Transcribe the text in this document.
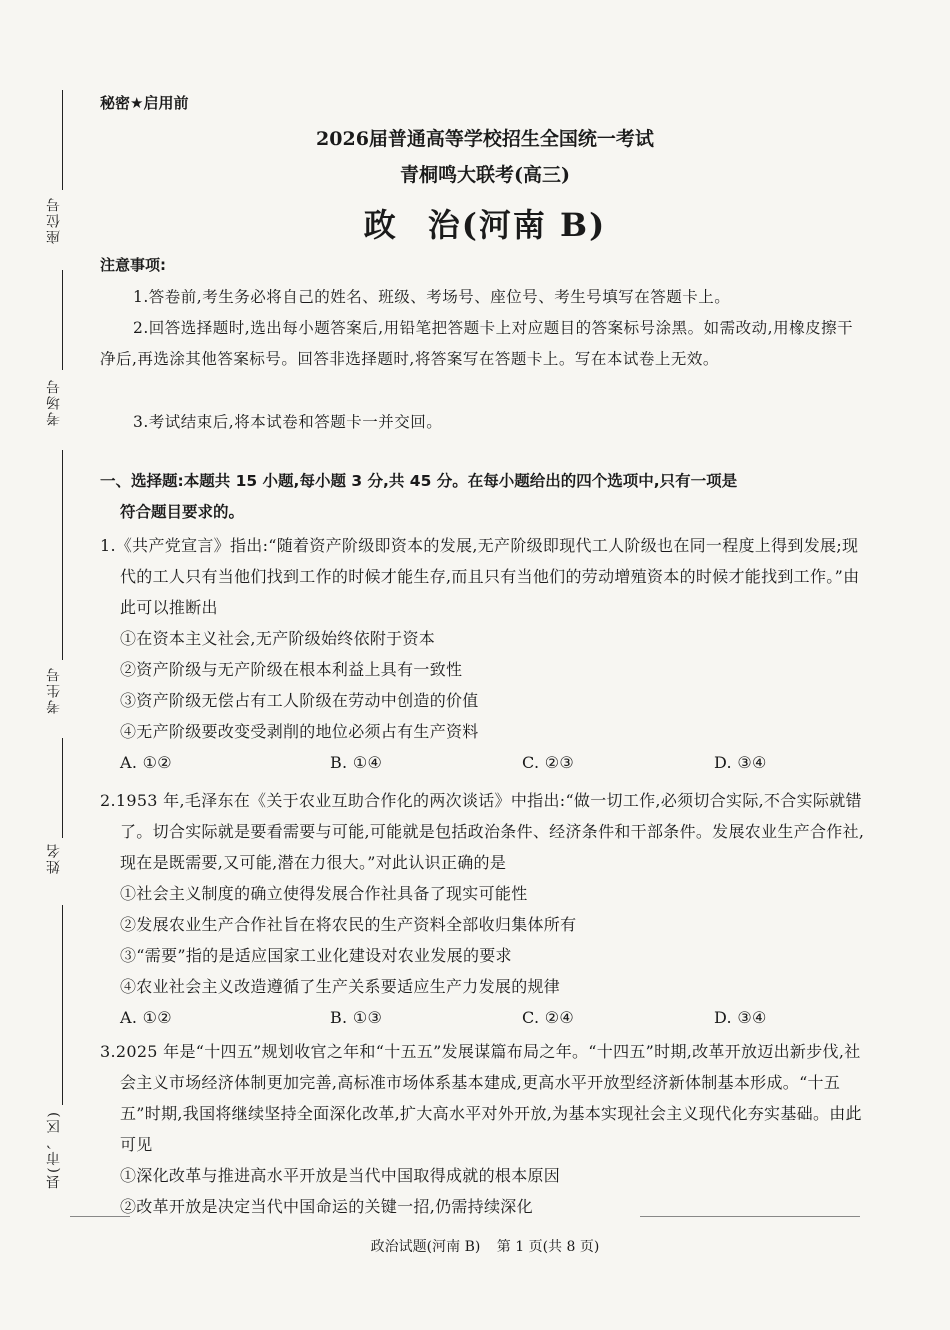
座位号
考场号
考生号
姓名
县(市、区)
秘密★启用前
2026届普通高等学校招生全国统一考试
青桐鸣大联考(高三)
政 治(河南 B)
注意事项:
1.答卷前,考生务必将自己的姓名、班级、考场号、座位号、考生号填写在答题卡上。
2.回答选择题时,选出每小题答案后,用铅笔把答题卡上对应题目的答案标号涂黑。如需改动,用橡皮擦干净后,再选涂其他答案标号。回答非选择题时,将答案写在答题卡上。写在本试卷上无效。
3.考试结束后,将本试卷和答题卡一并交回。
一、选择题:本题共 15 小题,每小题 3 分,共 45 分。在每小题给出的四个选项中,只有一项是
符合题目要求的。
1.《共产党宣言》指出:“随着资产阶级即资本的发展,无产阶级即现代工人阶级也在同一程度上得到发展;现代的工人只有当他们找到工作的时候才能生存,而且只有当他们的劳动增殖资本的时候才能找到工作。”由此可以推断出
①在资本主义社会,无产阶级始终依附于资本
②资产阶级与无产阶级在根本利益上具有一致性
③资产阶级无偿占有工人阶级在劳动中创造的价值
④无产阶级要改变受剥削的地位必须占有生产资料
A. ①②	B. ①④	C. ②③	D. ③④
2.1953 年,毛泽东在《关于农业互助合作化的两次谈话》中指出:“做一切工作,必须切合实际,不合实际就错了。切合实际就是要看需要与可能,可能就是包括政治条件、经济条件和干部条件。发展农业生产合作社,现在是既需要,又可能,潜在力很大。”对此认识正确的是
①社会主义制度的确立使得发展合作社具备了现实可能性
②发展农业生产合作社旨在将农民的生产资料全部收归集体所有
③“需要”指的是适应国家工业化建设对农业发展的要求
④农业社会主义改造遵循了生产关系要适应生产力发展的规律
A. ①②	B. ①③	C. ②④	D. ③④
3.2025 年是“十四五”规划收官之年和“十五五”发展谋篇布局之年。“十四五”时期,改革开放迈出新步伐,社会主义市场经济体制更加完善,高标准市场体系基本建成,更高水平开放型经济新体制基本形成。“十五五”时期,我国将继续坚持全面深化改革,扩大高水平对外开放,为基本实现社会主义现代化夯实基础。由此可见
①深化改革与推进高水平开放是当代中国取得成就的根本原因
②改革开放是决定当代中国命运的关键一招,仍需持续深化
政治试题(河南 B) 第 1 页(共 8 页)
